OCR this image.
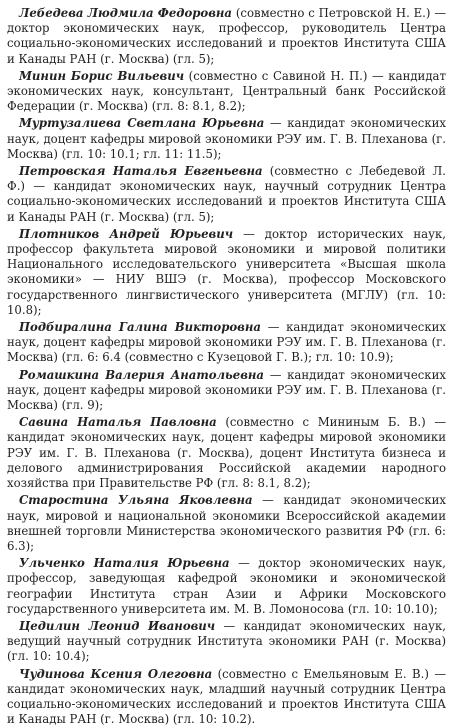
Лебедева Людмила Федоровна (совместно с Петровской Н. Е.) — доктор экономических наук, профессор, руководитель Центра социально-экономических исследований и проектов Института США и Канады РАН (г. Москва) (гл. 5);

Минин Борис Вильевич (совместно с Савиной Н. П.) — кандидат экономических наук, консультант, Центральный банк Российской Федерации (г. Москва) (гл. 8: 8.1, 8.2);

Муртузалиева Светлана Юрьевна — кандидат экономических наук, доцент кафедры мировой экономики РЭУ им. Г. В. Плеханова (г. Москва) (гл. 10: 10.1; гл. 11: 11.5);

Петровская Наталья Евгеньевна (совместно с Лебедевой Л. Ф.) — кандидат экономических наук, научный сотрудник Центра социально-экономических исследований и проектов Института США и Канады РАН (г. Москва) (гл. 5);

Плотников Андрей Юрьевич — доктор исторических наук, профессор факультета мировой экономики и мировой политики Национального исследовательского университета «Высшая школа экономики» — НИУ ВШЭ (г. Москва), профессор Московского государственного лингвистического университета (МГЛУ) (гл. 10: 10.8);

Подбиралина Галина Викторовна — кандидат экономических наук, доцент кафедры мировой экономики РЭУ им. Г. В. Плеханова (г. Москва) (гл. 6: 6.4 (совместно с Кузецовой Г. В.); гл. 10: 10.9);

Ромашкина Валерия Анатольевна — кандидат экономических наук, доцент кафедры мировой экономики РЭУ им. Г. В. Плеханова (г. Москва) (гл. 9);

Савина Наталья Павловна (совместно с Мининым Б. В.) — кандидат экономических наук, доцент кафедры мировой экономики РЭУ им. Г. В. Плеханова (г. Москва), доцент Института бизнеса и делового администрирования Российской академии народного хозяйства при Правительстве РФ (гл. 8: 8.1, 8.2);

Старостина Ульяна Яковлевна — кандидат экономических наук, мировой и национальной экономики Всероссийской академии внешней торговли Министерства экономического развития РФ (гл. 6: 6.3);

Ульченко Наталия Юрьевна — доктор экономических наук, профессор, заведующая кафедрой экономики и экономической географии Института стран Азии и Африки Московского государственного университета им. М. В. Ломоносова (гл. 10: 10.10);

Цедилин Леонид Иванович — кандидат экономических наук, ведущий научный сотрудник Института экономики РАН (г. Москва) (гл. 10: 10.4);

Чудинова Ксения Олеговна (совместно с Емельяновым Е. В.) — кандидат экономических наук, младший научный сотрудник Центра социально-экономических исследований и проектов Института США и Канады РАН (г. Москва) (гл. 10: 10.2).
